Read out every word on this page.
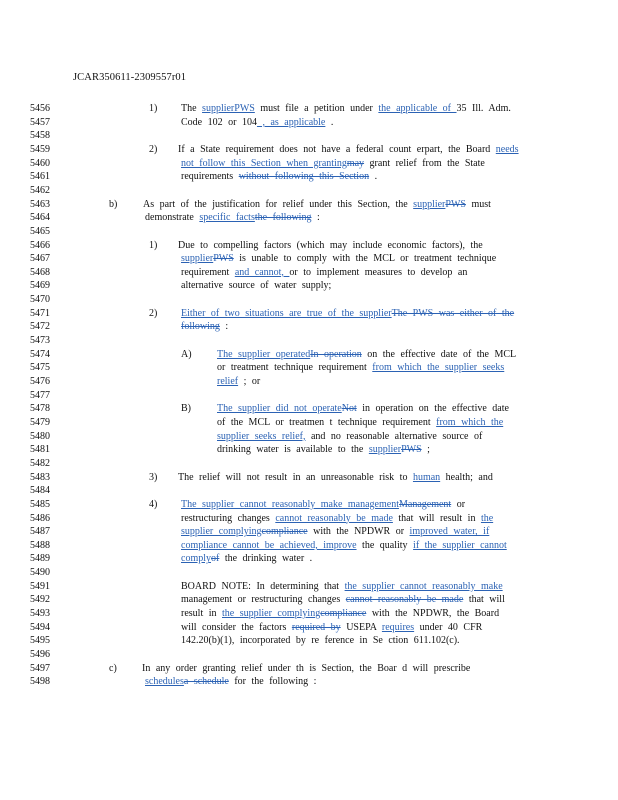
JCAR350611-2309557r01
5456	1) The supplierPWS must file a petition under the applicable of 35 Ill. Adm.
5457	Code 102 or 104 , as applicable .
5458
5459	2) If a State requirement does not have a federal count erpart, the Board needs
5460	not follow this Section when grantingmay grant relief from the State
5461	requirements without following this Section .
5462
5463	b)	As part of the justification for relief under this Section, the supplierPWS must
5464	demonstrate specific factsthe following :
5465
5466	1) Due to compelling factors (which may include economic factors), the
5467	supplierPWS is unable to comply with the MCL or treatment technique
5468	requirement and cannot, or to implement measures to develop an
5469	alternative source of water supply;
5470
5471	2) Either of two situations are true of the supplierThe PWS was either of the
5472	following :
5473
5474	A)	The supplier operatedIn operation on the effective date of the MCL
5475	or treatment technique requirement from which the supplier seeks
5476	relief ; or
5477
5478	B)	The supplier did not operateNot in operation on the effective date
5479	of the MCL or treatmen t technique requirement from which the
5480	supplier seeks relief, and no reasonable alternative source of
5481	drinking water is available to the supplierPWS ;
5482
5483	3) The relief will not result in an unreasonable risk to human health; and
5484
5485	4) The supplier cannot reasonably make managementManagement or
5486	restructuring changes cannot reasonably be made that will result in the
5487	supplier complyingcompliance with the NPDWR or improved water, if
5488	compliance cannot be achieved, improve the quality if the supplier cannot
5489	complyof the drinking water .
5490
5491	BOARD NOTE: In determining that the supplier cannot reasonably make
5492	management or restructuring changes cannot reasonably be made that will
5493	result in the supplier complyingcompliance with the NPDWR, the Board
5494	will consider the factors required by USEPA requires under 40 CFR
5495	142.20(b)(1), incorporated by re ference in Se ction 611.102(c).
5496
5497	c)	In any order granting relief under th is Section, the Boar d will prescribe
5498	schedulesa schedule for the following :
